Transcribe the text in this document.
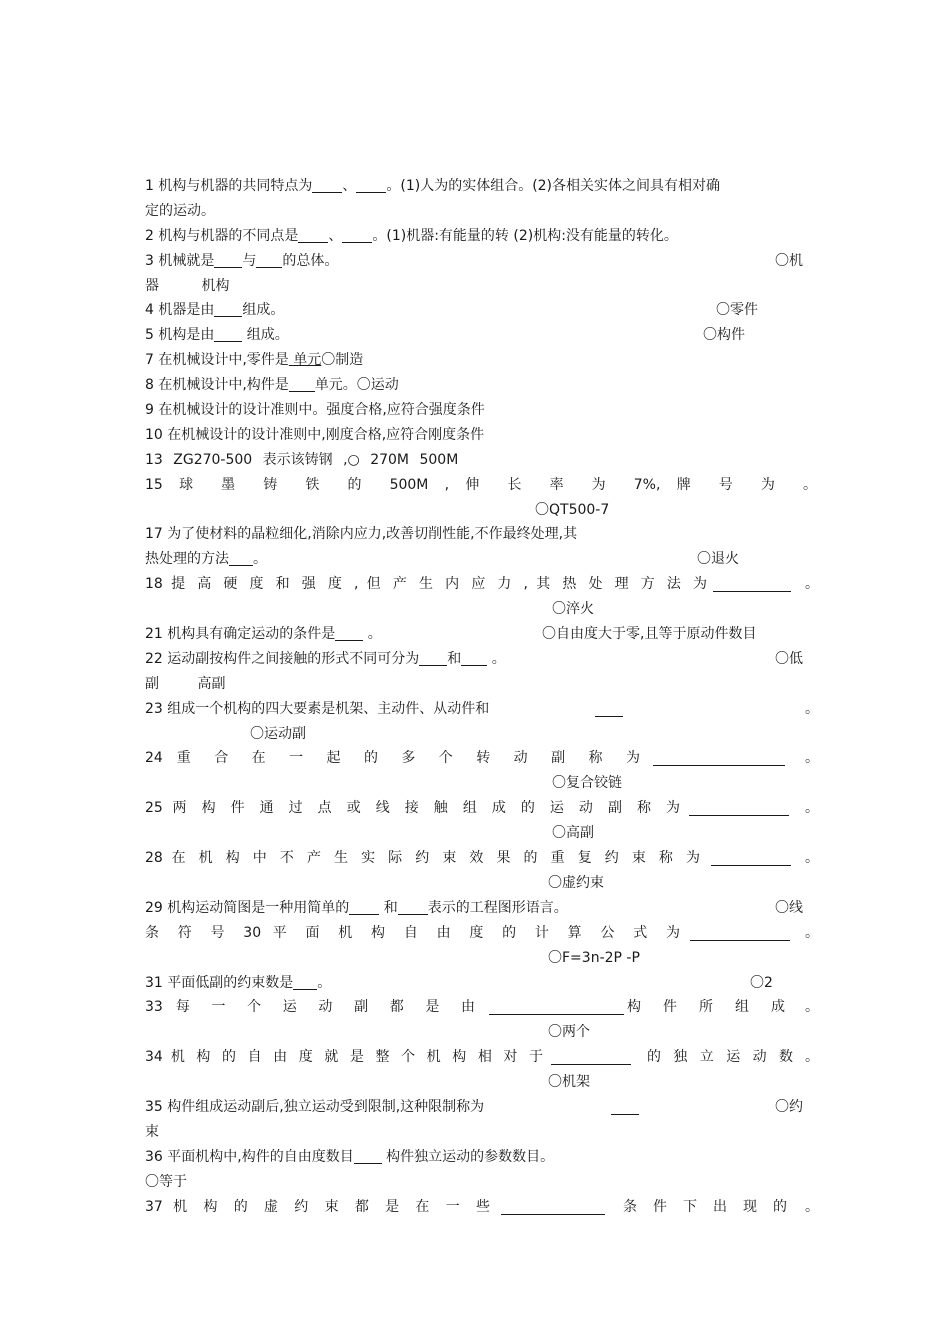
1 机构与机器的共同特点为 、 。(1)人为的实体组合。(2)各相关实体之间具有相对确
定的运动。
2 机构与机器的不同点是 、 。(1)机器:有能量的转 (2)机构:没有能量的转化。
3 机械就是 与 的总体。	〇机
器 机构
4 机器是由 组成。	〇零件
5 机构是由 组成。	〇构件
7 在机械设计中,零件是 单元〇制造
8 在机械设计中,构件是 单元。〇运动
9 在机械设计的设计准则中。强度合格,应符合强度条件
10 在机械设计的设计准则中,刚度合格,应符合刚度条件
13 ZG270-500 表示该铸钢 ,○ 270M 500M
15 球 墨 铸 铁 的 500M , 伸 长 率 为 7%, 牌 号 为 。
〇QT500-7
17 为了使材料的晶粒细化,消除内应力,改善切削性能,不作最终处理,其
热处理的方法 。	〇退火
18 提 高 硬 度 和 强 度 , 但 产 生 内 应 力 , 其 热 处 理 方 法 为	。
〇淬火
21 机构具有确定运动的条件是 。	〇自由度大于零,且等于原动件数目
22 运动副按构件之间接触的形式不同可分为 和 。	〇低
副 高副
23 组成一个机构的四大要素是机架、主动件、从动件和	。
〇运动副
24 重 合 在 一 起 的 多 个 转 动 副 称 为	。
〇复合铰链
25 两 构 件 通 过 点 或 线 接 触 组 成 的 运 动 副 称 为	。
〇高副
28 在 机 构 中 不 产 生 实 际 约 束 效 果 的 重 复 约 束 称 为	。
〇虚约束
29 机构运动简图是一种用简单的 和 表示的工程图形语言。	〇线
条 符 号 30 平 面 机 构 自 由 度 的 计 算 公 式 为	。
〇F=3n-2P -P
31 平面低副的约束数是 。	〇2
33 每 一 个 运 动 副 都 是 由	构 件 所 组 成 。
〇两个
34 机 构 的 自 由 度 就 是 整 个 机 构 相 对 于	的 独 立 运 动 数 。
〇机架
35 构件组成运动副后,独立运动受到限制,这种限制称为	〇约
束
36 平面机构中,构件的自由度数目 构件独立运动的参数数目。
〇等于
37 机 构 的 虚 约 束 都 是 在 一 些	条 件 下 出 现 的 。
